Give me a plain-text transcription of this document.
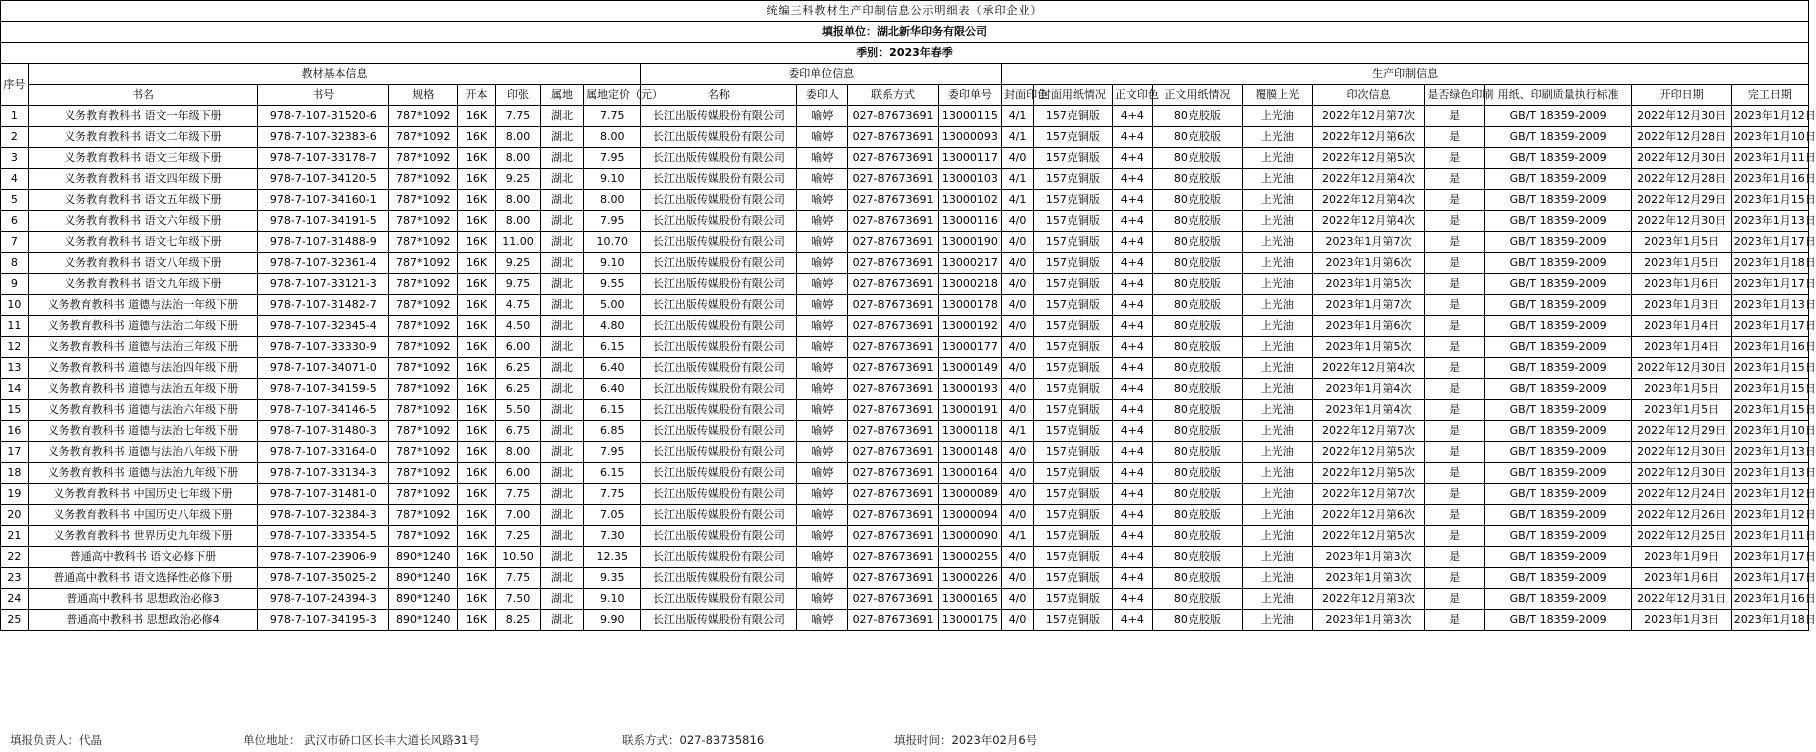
统编三科教材生产印制信息公示明细表（承印企业）																					
填报单位：湖北新华印务有限公司																					
季别：2023年春季																					
序号	教材基本信息							委印单位信息				生产印制信息									
	书名	书号	规格	开本	印张	属地	属地定价（元）	名称	委印人	联系方式	委印单号	封面印色	封面用纸情况	正文印色	正文用纸情况	覆膜上光	印次信息	是否绿色印刷	用纸、印刷质量执行标准	开印日期	完工日期
1	义务教育教科书 语文一年级下册	978-7-107-31520-6	787*1092	16K	7.75	湖北	7.75	长江出版传媒股份有限公司	喻婷	027-87673691	13000115	4/1	157克铜版	4+4	80克胶版	上光油	2022年12月第7次	是	GB/T 18359-2009	2022年12月30日	2023年1月12日
2	义务教育教科书 语文二年级下册	978-7-107-32383-6	787*1092	16K	8.00	湖北	8.00	长江出版传媒股份有限公司	喻婷	027-87673691	13000093	4/1	157克铜版	4+4	80克胶版	上光油	2022年12月第6次	是	GB/T 18359-2009	2022年12月28日	2023年1月10日
3	义务教育教科书 语文三年级下册	978-7-107-33178-7	787*1092	16K	8.00	湖北	7.95	长江出版传媒股份有限公司	喻婷	027-87673691	13000117	4/0	157克铜版	4+4	80克胶版	上光油	2022年12月第5次	是	GB/T 18359-2009	2022年12月30日	2023年1月11日
4	义务教育教科书 语文四年级下册	978-7-107-34120-5	787*1092	16K	9.25	湖北	9.10	长江出版传媒股份有限公司	喻婷	027-87673691	13000103	4/1	157克铜版	4+4	80克胶版	上光油	2022年12月第4次	是	GB/T 18359-2009	2022年12月28日	2023年1月16日
5	义务教育教科书 语文五年级下册	978-7-107-34160-1	787*1092	16K	8.00	湖北	8.00	长江出版传媒股份有限公司	喻婷	027-87673691	13000102	4/1	157克铜版	4+4	80克胶版	上光油	2022年12月第4次	是	GB/T 18359-2009	2022年12月29日	2023年1月15日
6	义务教育教科书 语文六年级下册	978-7-107-34191-5	787*1092	16K	8.00	湖北	7.95	长江出版传媒股份有限公司	喻婷	027-87673691	13000116	4/0	157克铜版	4+4	80克胶版	上光油	2022年12月第4次	是	GB/T 18359-2009	2022年12月30日	2023年1月13日
7	义务教育教科书 语文七年级下册	978-7-107-31488-9	787*1092	16K	11.00	湖北	10.70	长江出版传媒股份有限公司	喻婷	027-87673691	13000190	4/0	157克铜版	4+4	80克胶版	上光油	2023年1月第7次	是	GB/T 18359-2009	2023年1月5日	2023年1月17日
8	义务教育教科书 语文八年级下册	978-7-107-32361-4	787*1092	16K	9.25	湖北	9.10	长江出版传媒股份有限公司	喻婷	027-87673691	13000217	4/0	157克铜版	4+4	80克胶版	上光油	2023年1月第6次	是	GB/T 18359-2009	2023年1月5日	2023年1月18日
9	义务教育教科书 语文九年级下册	978-7-107-33121-3	787*1092	16K	9.75	湖北	9.55	长江出版传媒股份有限公司	喻婷	027-87673691	13000218	4/0	157克铜版	4+4	80克胶版	上光油	2023年1月第5次	是	GB/T 18359-2009	2023年1月6日	2023年1月17日
10	义务教育教科书 道德与法治一年级下册	978-7-107-31482-7	787*1092	16K	4.75	湖北	5.00	长江出版传媒股份有限公司	喻婷	027-87673691	13000178	4/0	157克铜版	4+4	80克胶版	上光油	2023年1月第7次	是	GB/T 18359-2009	2023年1月3日	2023年1月13日
11	义务教育教科书 道德与法治二年级下册	978-7-107-32345-4	787*1092	16K	4.50	湖北	4.80	长江出版传媒股份有限公司	喻婷	027-87673691	13000192	4/0	157克铜版	4+4	80克胶版	上光油	2023年1月第6次	是	GB/T 18359-2009	2023年1月4日	2023年1月17日
12	义务教育教科书 道德与法治三年级下册	978-7-107-33330-9	787*1092	16K	6.00	湖北	6.15	长江出版传媒股份有限公司	喻婷	027-87673691	13000177	4/0	157克铜版	4+4	80克胶版	上光油	2023年1月第5次	是	GB/T 18359-2009	2023年1月4日	2023年1月16日
13	义务教育教科书 道德与法治四年级下册	978-7-107-34071-0	787*1092	16K	6.25	湖北	6.40	长江出版传媒股份有限公司	喻婷	027-87673691	13000149	4/0	157克铜版	4+4	80克胶版	上光油	2022年12月第4次	是	GB/T 18359-2009	2022年12月30日	2023年1月15日
14	义务教育教科书 道德与法治五年级下册	978-7-107-34159-5	787*1092	16K	6.25	湖北	6.40	长江出版传媒股份有限公司	喻婷	027-87673691	13000193	4/0	157克铜版	4+4	80克胶版	上光油	2023年1月第4次	是	GB/T 18359-2009	2023年1月5日	2023年1月15日
15	义务教育教科书 道德与法治六年级下册	978-7-107-34146-5	787*1092	16K	5.50	湖北	6.15	长江出版传媒股份有限公司	喻婷	027-87673691	13000191	4/0	157克铜版	4+4	80克胶版	上光油	2023年1月第4次	是	GB/T 18359-2009	2023年1月5日	2023年1月15日
16	义务教育教科书 道德与法治七年级下册	978-7-107-31480-3	787*1092	16K	6.75	湖北	6.85	长江出版传媒股份有限公司	喻婷	027-87673691	13000118	4/1	157克铜版	4+4	80克胶版	上光油	2022年12月第7次	是	GB/T 18359-2009	2022年12月29日	2023年1月10日
17	义务教育教科书 道德与法治八年级下册	978-7-107-33164-0	787*1092	16K	8.00	湖北	7.95	长江出版传媒股份有限公司	喻婷	027-87673691	13000148	4/0	157克铜版	4+4	80克胶版	上光油	2022年12月第5次	是	GB/T 18359-2009	2022年12月30日	2023年1月13日
18	义务教育教科书 道德与法治九年级下册	978-7-107-33134-3	787*1092	16K	6.00	湖北	6.15	长江出版传媒股份有限公司	喻婷	027-87673691	13000164	4/0	157克铜版	4+4	80克胶版	上光油	2022年12月第5次	是	GB/T 18359-2009	2022年12月30日	2023年1月13日
19	义务教育教科书 中国历史七年级下册	978-7-107-31481-0	787*1092	16K	7.75	湖北	7.75	长江出版传媒股份有限公司	喻婷	027-87673691	13000089	4/0	157克铜版	4+4	80克胶版	上光油	2022年12月第7次	是	GB/T 18359-2009	2022年12月24日	2023年1月12日
20	义务教育教科书 中国历史八年级下册	978-7-107-32384-3	787*1092	16K	7.00	湖北	7.05	长江出版传媒股份有限公司	喻婷	027-87673691	13000094	4/0	157克铜版	4+4	80克胶版	上光油	2022年12月第6次	是	GB/T 18359-2009	2022年12月26日	2023年1月12日
21	义务教育教科书 世界历史九年级下册	978-7-107-33354-5	787*1092	16K	7.25	湖北	7.30	长江出版传媒股份有限公司	喻婷	027-87673691	13000090	4/1	157克铜版	4+4	80克胶版	上光油	2022年12月第5次	是	GB/T 18359-2009	2022年12月25日	2023年1月11日
22	普通高中教科书 语文必修下册	978-7-107-23906-9	890*1240	16K	10.50	湖北	12.35	长江出版传媒股份有限公司	喻婷	027-87673691	13000255	4/0	157克铜版	4+4	80克胶版	上光油	2023年1月第3次	是	GB/T 18359-2009	2023年1月9日	2023年1月17日
23	普通高中教科书 语文选择性必修下册	978-7-107-35025-2	890*1240	16K	7.75	湖北	9.35	长江出版传媒股份有限公司	喻婷	027-87673691	13000226	4/0	157克铜版	4+4	80克胶版	上光油	2023年1月第3次	是	GB/T 18359-2009	2023年1月6日	2023年1月17日
24	普通高中教科书 思想政治必修3	978-7-107-24394-3	890*1240	16K	7.50	湖北	9.10	长江出版传媒股份有限公司	喻婷	027-87673691	13000165	4/0	157克铜版	4+4	80克胶版	上光油	2022年12月第3次	是	GB/T 18359-2009	2022年12月31日	2023年1月16日
25	普通高中教科书 思想政治必修4	978-7-107-34195-3	890*1240	16K	8.25	湖北	9.90	长江出版传媒股份有限公司	喻婷	027-87673691	13000175	4/0	157克铜版	4+4	80克胶版	上光油	2023年1月第3次	是	GB/T 18359-2009	2023年1月3日	2023年1月18日
填报负责人：代晶	单位地址： 武汉市硚口区长丰大道长风路31号	联系方式：027-83735816	填报时间：2023年02月6号
